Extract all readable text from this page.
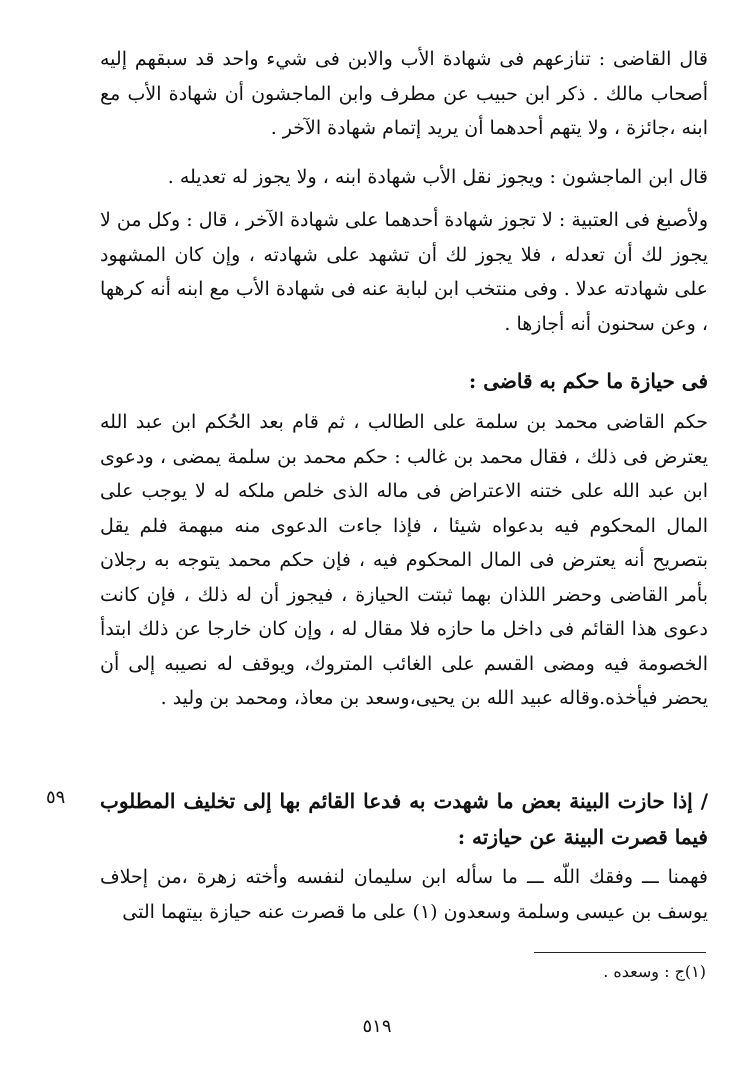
قال القاضى : تنازعهم فى شهادة الأب والابن فى شيء واحد قد سبقهم إليه أصحاب مالك . ذكر ابن حبيب عن مطرف وابن الماجشون أن شهادة الأب مع ابنه ،جائزة ، ولا يتهم أحدهما أن يريد إتمام شهادة الآخر .

قال ابن الماجشون : ويجوز نقل الأب شهادة ابنه ، ولا يجوز له تعديله .

ولأصبغ فى العتبية : لا تجوز شهادة أحدهما على شهادة الآخر ، قال : وكل من لا يجوز لك أن تعدله ، فلا يجوز لك أن تشهد على شهادته ، وإن كان المشهود على شهادته عدلا . وفى منتخب ابن لبابة عنه فى شهادة الأب مع ابنه أنه كرهها ، وعن سحنون أنه أجازها .

فى حيازة ما حكم به قاضى :

حكم القاضى محمد بن سلمة على الطالب ، ثم قام بعد الحُكم ابن عبد الله يعترض فى ذلك ، فقال محمد بن غالب : حكم محمد بن سلمة يمضى ، ودعوى ابن عبد الله على ختنه الاعتراض فى ماله الذى خلص ملكه له لا يوجب على المال المحكوم فيه بدعواه شيئا ، فإذا جاءت الدعوى منه مبهمة فلم يقل بتصريح أنه يعترض فى المال المحكوم فيه ، فإن حكم محمد يتوجه به رجلان بأمر القاضى وحضر اللذان بهما ثبتت الحيازة ، فيجوز أن له ذلك ، فإن كانت دعوى هذا القائم فى داخل ما حازه فلا مقال له ، وإن كان خارجا عن ذلك ابتدأ الخصومة فيه ومضى القسم على الغائب المتروك، ويوقف له نصيبه إلى أن يحضر فيأخذه.وقاله عبيد الله بن يحيى،وسعد بن معاذ، ومحمد بن وليد .

٥٩ / إذا حازت البينة بعض ما شهدت به فدعا القائم بها إلى تخليف المطلوب فيما قصرت البينة عن حيازته :

فهمنا ـــ وفقك اللّه ـــ ما سأله ابن سليمان لنفسه وأخته زهرة ،من إحلاف يوسف بن عيسى وسلمة وسعدون (١) على ما قصرت عنه حيازة بيتهما التى

(١)ج : وسعده .
٥١٩
